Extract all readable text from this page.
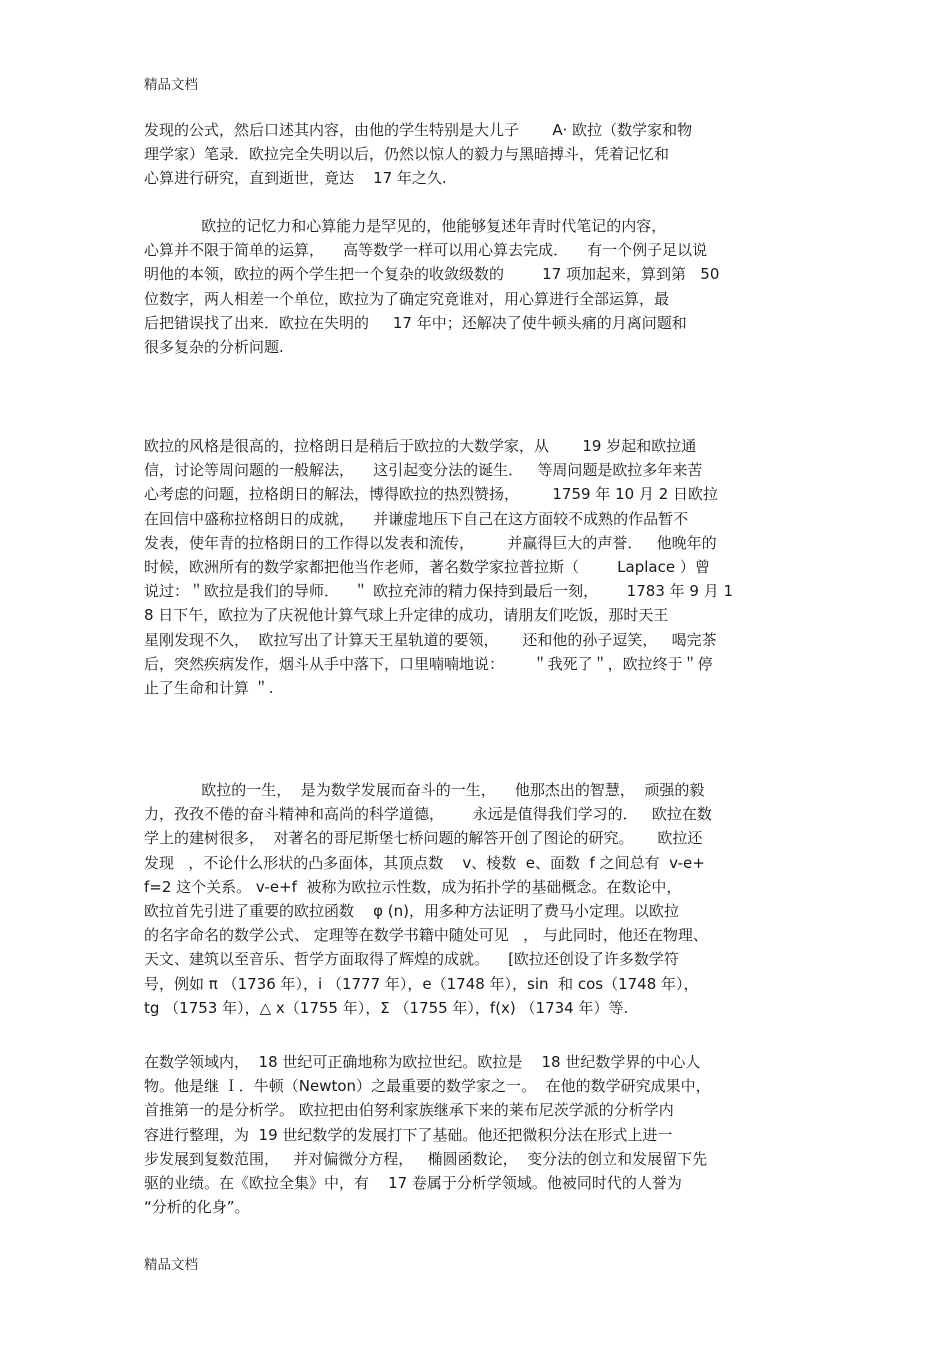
精品文档
发现的公式，然后口述其内容，由他的学生特别是大儿子       A· 欧拉（数学家和物
理学家）笔录．欧拉完全失明以后，仍然以惊人的毅力与黑暗搏斗，凭着记忆和
心算进行研究，直到逝世，竟达    17 年之久.
欧拉的记忆力和心算能力是罕见的，他能够复述年青时代笔记的内容，
心算并不限于简单的运算，    高等数学一样可以用心算去完成．    有一个例子足以说
明他的本领，欧拉的两个学生把一个复杂的收敛级数的        17 项加起来，算到第   50
位数字，两人相差一个单位，欧拉为了确定究竟谁对，用心算进行全部运算，最
后把错误找了出来．欧拉在失明的     17 年中；还解决了使牛顿头痛的月离问题和
很多复杂的分析问题.
欧拉的风格是很高的，拉格朗日是稍后于欧拉的大数学家，从       19 岁起和欧拉通
信，讨论等周问题的一般解法，    这引起变分法的诞生．   等周问题是欧拉多年来苦
心考虑的问题，拉格朗日的解法，博得欧拉的热烈赞扬，       1759 年 10 月 2 日欧拉
在回信中盛称拉格朗日的成就，    并谦虚地压下自己在这方面较不成熟的作品暂不
发表，使年青的拉格朗日的工作得以发表和流传，       并赢得巨大的声誉．   他晚年的
时候，欧洲所有的数学家都把他当作老师，著名数学家拉普拉斯（        Laplace ）曾
说过：＂欧拉是我们的导师．   ＂ 欧拉充沛的精力保持到最后一刻，      1783 年 9 月 1
8 日下午，欧拉为了庆祝他计算气球上升定律的成功，请朋友们吃饭，那时天王
星刚发现不久，  欧拉写出了计算天王星轨道的要领，     还和他的孙子逗笑，   喝完茶
后，突然疾病发作，烟斗从手中落下，口里喃喃地说：      ＂我死了＂，欧拉终于＂停
止了生命和计算 ＂.
欧拉的一生，  是为数学发展而奋斗的一生，    他那杰出的智慧，  顽强的毅
力，孜孜不倦的奋斗精神和高尚的科学道德，      永远是值得我们学习的．   欧拉在数
学上的建树很多，  对著名的哥尼斯堡七桥问题的解答开创了图论的研究。     欧拉还
发现   ，不论什么形状的凸多面体，其顶点数    v、棱数  e、面数  f 之间总有  v-e+
f=2 这个关系。 v-e+f  被称为欧拉示性数，成为拓扑学的基础概念。在数论中，
欧拉首先引进了重要的欧拉函数    φ (n)，用多种方法证明了费马小定理。以欧拉
的名字命名的数学公式、 定理等在数学书籍中随处可见   ， 与此同时，他还在物理、
天文、建筑以至音乐、哲学方面取得了辉煌的成就。    [欧拉还创设了许多数学符
号，例如 π （1736 年），i （1777 年），e（1748 年），sin  和 cos（1748 年），
tg （1753 年），△ x（1755 年），Σ （1755 年），f(x) （1734 年）等.
在数学领域内，  18 世纪可正确地称为欧拉世纪。欧拉是    18 世纪数学界的中心人
物。他是继 Ｉ．牛顿（Newton）之最重要的数学家之一。  在他的数学研究成果中，
首推第一的是分析学。 欧拉把由伯努利家族继承下来的莱布尼茨学派的分析学内
容进行整理，为  19 世纪数学的发展打下了基础。他还把微积分法在形式上进一
步发展到复数范围，   并对偏微分方程，   椭圆函数论，  变分法的创立和发展留下先
驱的业绩。在《欧拉全集》中，有    17 卷属于分析学领域。他被同时代的人誉为
“分析的化身”。
精品文档
